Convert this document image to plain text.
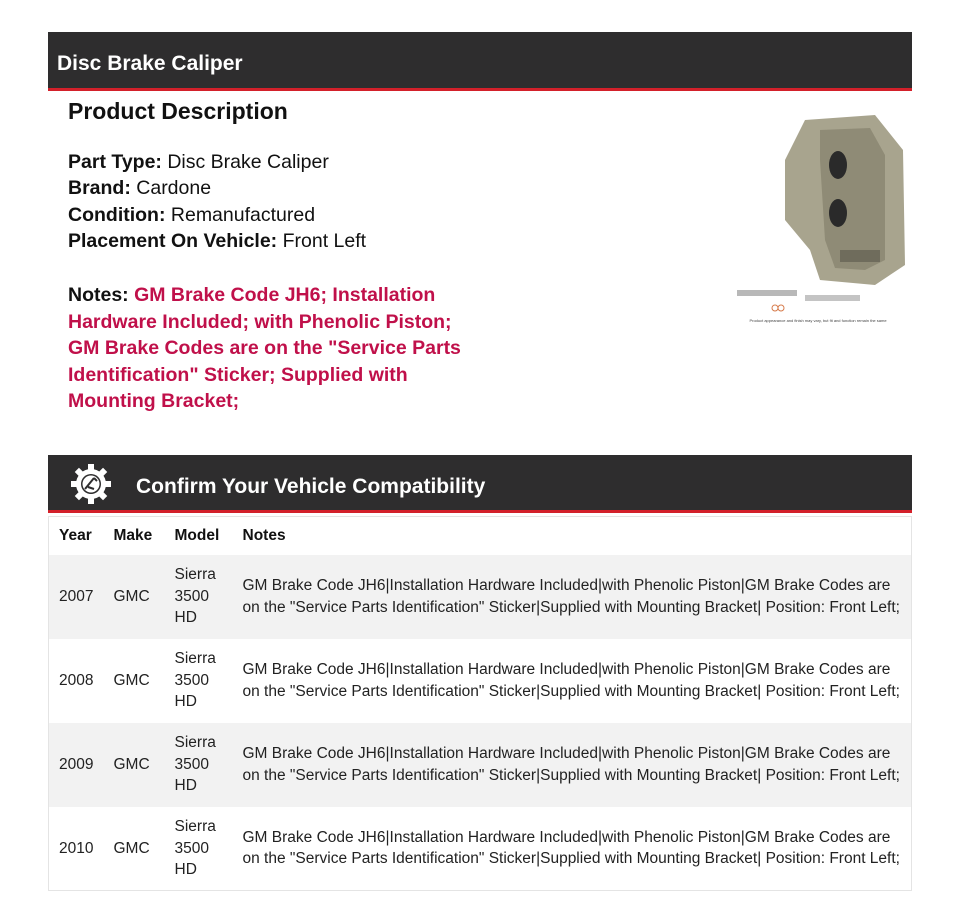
Disc Brake Caliper
Product Description
Part Type: Disc Brake Caliper
Brand: Cardone
Condition: Remanufactured
Placement On Vehicle: Front Left
Notes: GM Brake Code JH6; Installation Hardware Included; with Phenolic Piston; GM Brake Codes are on the "Service Parts Identification" Sticker; Supplied with Mounting Bracket;
Product appearance and finish may vary, but fit and function remain the same
Confirm Your Vehicle Compatibility
Year	Make	Model	Notes
2007	GMC	Sierra 3500 HD	GM Brake Code JH6|Installation Hardware Included|with Phenolic Piston|GM Brake Codes are on the "Service Parts Identification" Sticker|Supplied with Mounting Bracket| Position: Front Left;
2008	GMC	Sierra 3500 HD	GM Brake Code JH6|Installation Hardware Included|with Phenolic Piston|GM Brake Codes are on the "Service Parts Identification" Sticker|Supplied with Mounting Bracket| Position: Front Left;
2009	GMC	Sierra 3500 HD	GM Brake Code JH6|Installation Hardware Included|with Phenolic Piston|GM Brake Codes are on the "Service Parts Identification" Sticker|Supplied with Mounting Bracket| Position: Front Left;
2010	GMC	Sierra 3500 HD	GM Brake Code JH6|Installation Hardware Included|with Phenolic Piston|GM Brake Codes are on the "Service Parts Identification" Sticker|Supplied with Mounting Bracket| Position: Front Left;
